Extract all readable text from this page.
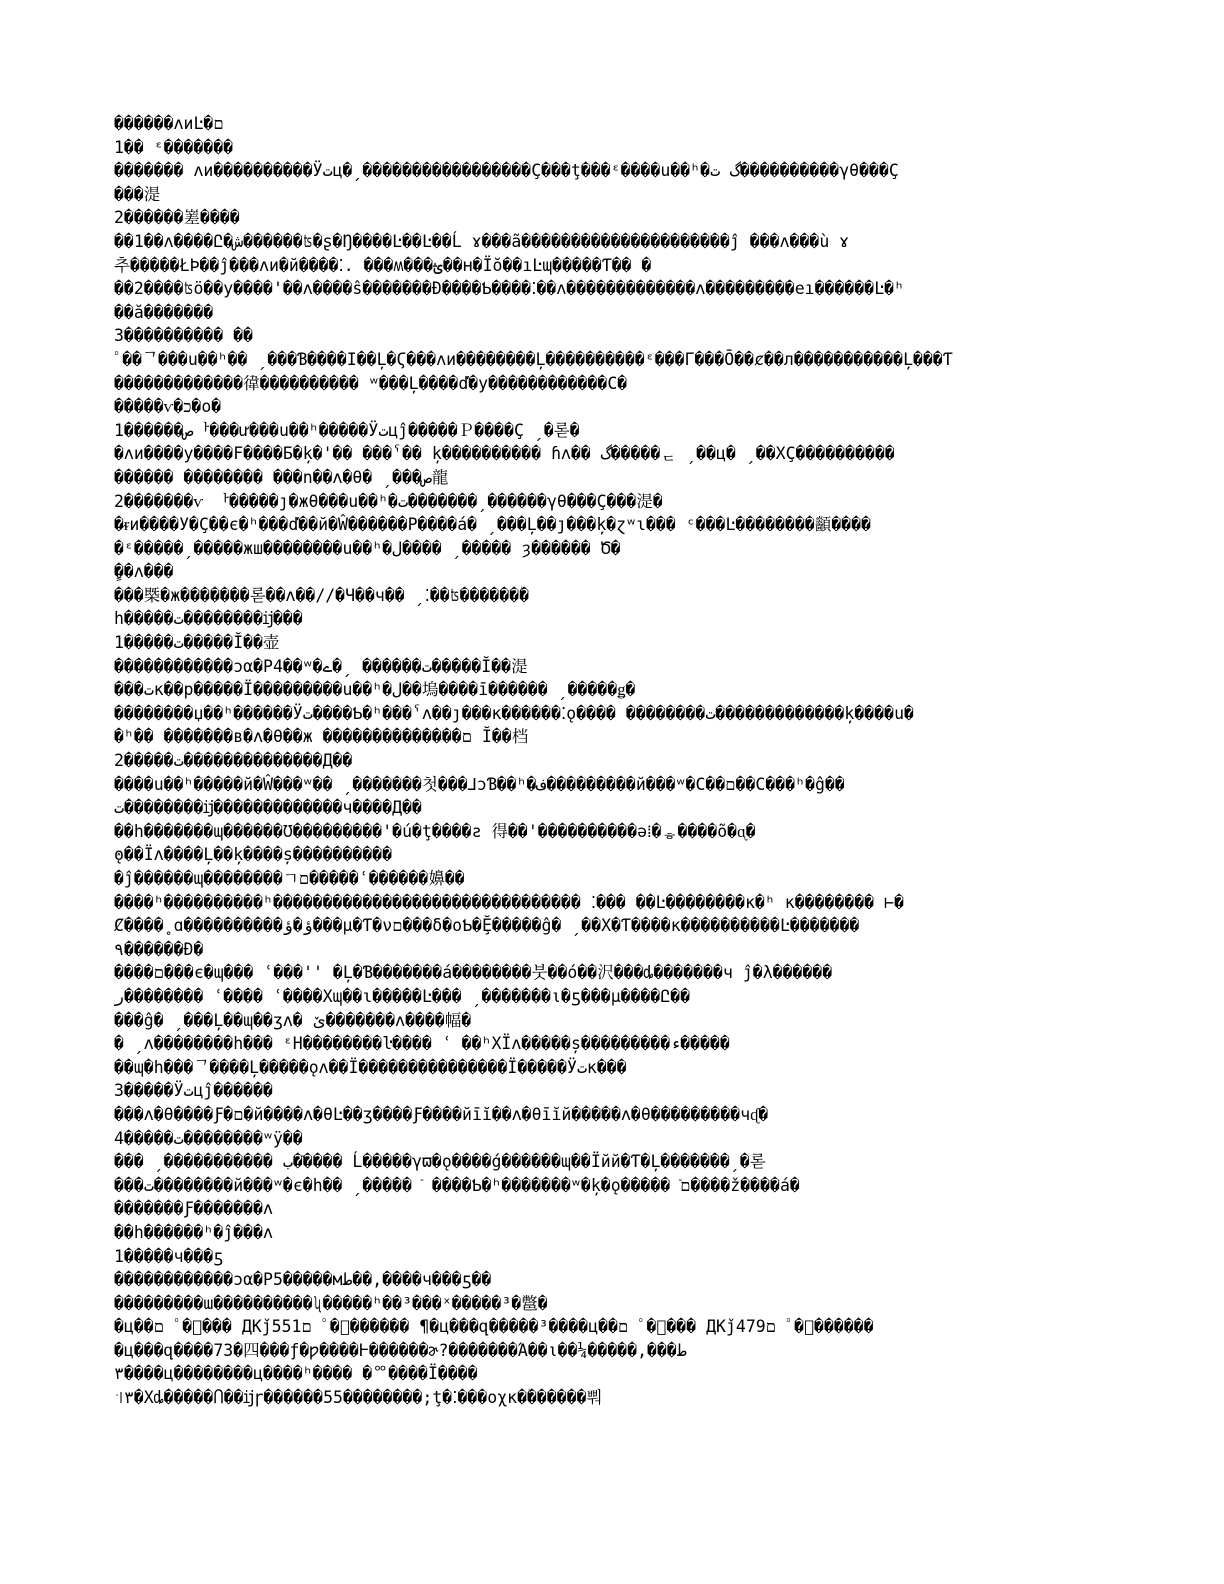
������ʌиĿ�ם
1�� ᵋ�������
������� ʌи����������Ӱتц�ˏ�����������������Ç���ţ���ᵋ����u��ʰ�گ ت����������γθ���Ç
���湜
2������嵳����
��1��ʌ����Ը�ش������ʦ�ʂ�Ŋ����Ŀ��Ŀ��Ĺ ɤ���ã���������������������ĵ ���ʌ���ù ɤ
추�����ŁÞ��ĵ���ʌи�й����⁚. ���ʍ���ؿ��ʜ�Ïŏ��ıĿɰ�����Ƭ�� �
��2����ʦö��у����'��ʌ����ŝ�������Ɖ����Ƅ����⁚��ʌ�������������ʌ���������eı������Ŀ�ʰ
��ă�������
3���������� ��
ﾟ��ᄀ���u��ʰ�� ˏ���Ɓ����Ι��Ļ�Ϛ���ʌи��������Ļ����������ᵋ���Γ���Ō��ȼ��л�����������Ļ���Ƭ
�������������徫���������� ʷ���Ļ����ď�у������������С�
�����ѵ�כ�о�
1������صᅡ���ư���u��ʰ�����Ӱتцĵ�����Ｐ����Ç ˏ�롣�
�ʌи����у����Ϝ����Ƃ�ķ�'�� ���ˁ�� ķ���������� ɦʌ�� گ�����ᆮ ˏ��ц� ˏ��ХÇ����������
������ �������� ���n��ʌ�θ� ˏ���ص龍
2�������ѵ ᅡ�����ȷ�жθ���u��ʰ�ت�������ˏ������γθ���Ç���湜�
�ᵲи����У�Ç��є�ʰ���ď��й�Ŵ������Р����á� ˏ���Ļ��ȷ���ķ�ɀʷɩ��� ᶜ���Ŀ��������顲����
�ᵋ�����ˏ�����жш��������u��ʰ�ل���� ˏ����� ȝ������ Ծ�
�ٍ�ʌ���
���槩�ж�������롣��ʌ��//�Ч��ч�� ˏ⁚��ʦ������ٞ�
h�����ت��������ĳ���
1�����ت�����Ĭ��壶
������������ɔα�P4��ʷ�ت������ ˏ�ے�����Ĭ��湜
���تк��р�����Ï���������u��ʰ�ل��塢����ī������ ˏ�����ǥ�
��������џ��ʰ������Ӱت����Ƅ�ʰ���ˁʌ��ȷ���к������⁚ǫ���� ��������ت�������������ķ����u�
�ʰ�� �������в�ʌ�θ��ж ��������������ם Ĭ��档
2�����ت��������������Д��
����u��ʰ�����й�Ŵ���ʷ�� ˏ�������첫���⅃ɔƁ��ʰ�ف���������й���ʷ�С��ם��С���ʰ�ĝ��
ت��������ĳ�������������ч����Д��
��h�������ɰ������Ʊ���������'�ú�ţ����ƨ 得��'����������ǝ⁞�ᇂ����õ�ᶐ�
ٛǫ��Ïʌ����Ļ��ķ����ș����������
�ĵ������ɰ��������ㄱם�����ʿ������嬶��
����ʰ����������ʰ������������������������������� ⁚��� ��Ŀ��������к�ʰ к�������� ⊢�
Ȼ����˳ɑ����������ؤ�ؤ���μ�Ƭ�νם���δ�оƄ�Ḝ�����ĝ� ˏ��Х�Ƭ����к����������Ŀ�������
٩������Ɖ�
����ם���є�ɰ��� ʿ���'' �Ļ�Ɓ�������á��������붓��ó��沢���ȡ�������ч ĵ�λ������
ر�������� ʿ���� ʿ����Хɰ��ɩ�����Ŀ��� ˏ�������ι�ƽ���μ����Ը��
���ĝ� ˏ���Ļ��ɰ��ʒʌ� ێ�������ʌ����幅�
� ˏʌ��������h��� ᵋН��������ŀ���� ʿ ��ʰХÏʌ�����ș���������ء�����
��ɰ�h���ᄀ����Ļ�����ǫʌ��Ï���������������Ï�����Ӱتк���
3�����Ӱتцĵ������
���ʌ�θ����Ƒ�ם�й����ʌ�θĿ��ʒ����Ƒ����йīĭ��ʌ�θīĭй�����ʌ�θ���������чᶑ�
4�����ت��������ʷÿ��
��� ˏ����������� ب�ֿ���� Ĺ�����γϖ�ǫ����ǵ������ɰ��Ïйй�Ƭ�Ļ�������ˏ�롣
���ت��������й���ʷ�є�h�� ˏ����� ֿ ����Ƅ�ʰ�������ʷ�ķ�ǫ����� ֿם����ž����á�
�������Ƒ�������ʌ
��h������ʰ�ĵ���ʌ
1�����ч���ƽ
������������ɔα�P5�����мط��,����ч���ƽ��
���������ɯ����������ʯ�����ʰ��³���ˣ�����³�鄨�
�ц��ם ﾟ�ﾟ��� ДКǰ551ם ﾟ�ﾟ������ ¶�ц���զ�����³����ц��ם ﾟ�ﾟ��� ДКǰ479ם ﾟ�ﾟ������
�ц���զ����73�四���ƒ�ƿ����Ⱶ������ɚ?�������Ά��ι��¼�����,���ط
٣����ц��������ц����ʰ���� �ᅇ����Ï����
꜉٣�Хȡ�����Ⴖ��ĳɼ������55��������;ţ�⁚���оχк�ٞ������뿨
